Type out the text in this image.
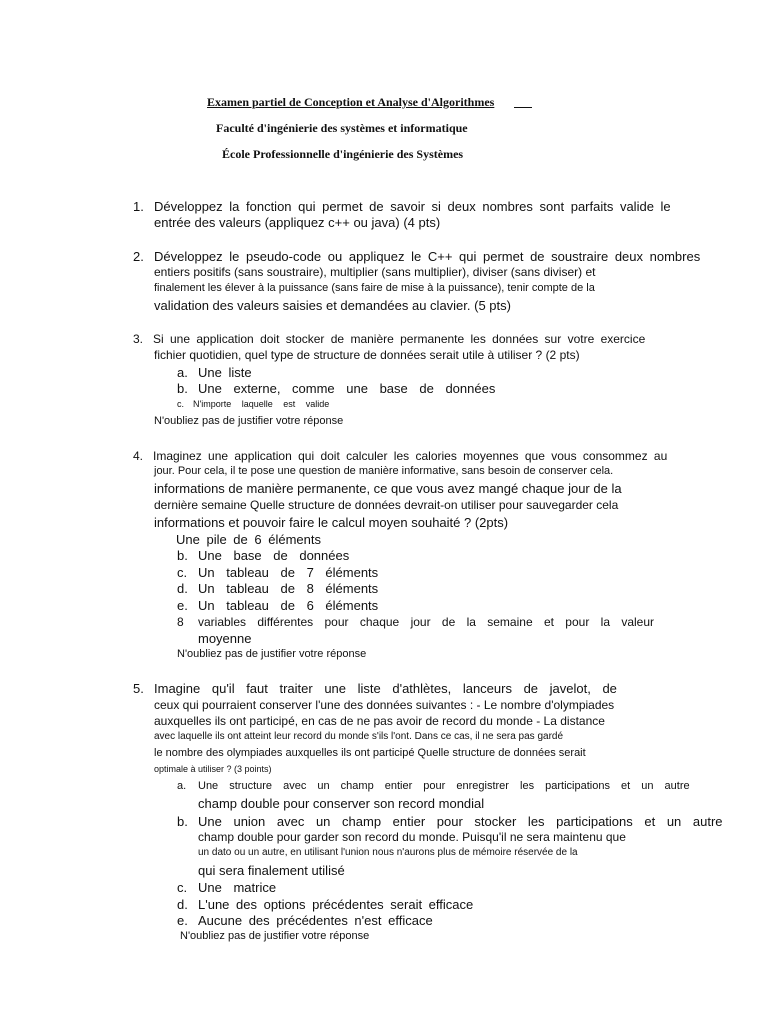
Examen partiel de Conception et Analyse d'Algorithmes
Faculté d'ingénierie des systèmes et informatique
École Professionnelle d'ingénierie des Systèmes
1. Développez la fonction qui permet de savoir si deux nombres sont parfaits valide le
entrée des valeurs (appliquez c++ ou java) (4 pts)
2. Développez le pseudo-code ou appliquez le C++ qui permet de soustraire deux nombres
entiers positifs (sans soustraire), multiplier (sans multiplier), diviser (sans diviser) et
finalement les élever à la puissance (sans faire de mise à la puissance), tenir compte de la
validation des valeurs saisies et demandées au clavier. (5 pts)
3. Si une application doit stocker de manière permanente les données sur votre exercice
fichier quotidien, quel type de structure de données serait utile à utiliser ? (2 pts)
a. Une liste
b. Une externe, comme une base de données
c. N'importe laquelle est valide
N'oubliez pas de justifier votre réponse
4. Imaginez une application qui doit calculer les calories moyennes que vous consommez au
jour. Pour cela, il te pose une question de manière informative, sans besoin de conserver cela.
informations de manière permanente, ce que vous avez mangé chaque jour de la
dernière semaine Quelle structure de données devrait-on utiliser pour sauvegarder cela
informations et pouvoir faire le calcul moyen souhaité ? (2pts)
Une pile de 6 éléments
b. Une base de données
c. Un tableau de 7 éléments
d. Un tableau de 8 éléments
e. Un tableau de 6 éléments
8 variables différentes pour chaque jour de la semaine et pour la valeur
moyenne
N'oubliez pas de justifier votre réponse
5. Imagine qu'il faut traiter une liste d'athlètes, lanceurs de javelot, de
ceux qui pourraient conserver l'une des données suivantes : - Le nombre d'olympiades
auxquelles ils ont participé, en cas de ne pas avoir de record du monde - La distance
avec laquelle ils ont atteint leur record du monde s'ils l'ont. Dans ce cas, il ne sera pas gardé
le nombre des olympiades auxquelles ils ont participé Quelle structure de données serait
optimale à utiliser ? (3 points)
a. Une structure avec un champ entier pour enregistrer les participations et un autre
champ double pour conserver son record mondial
b. Une union avec un champ entier pour stocker les participations et un autre
champ double pour garder son record du monde. Puisqu'il ne sera maintenu que
un dato ou un autre, en utilisant l'union nous n'aurons plus de mémoire réservée de la
qui sera finalement utilisé
c. Une matrice
d. L'une des options précédentes serait efficace
e. Aucune des précédentes n'est efficace
N'oubliez pas de justifier votre réponse
